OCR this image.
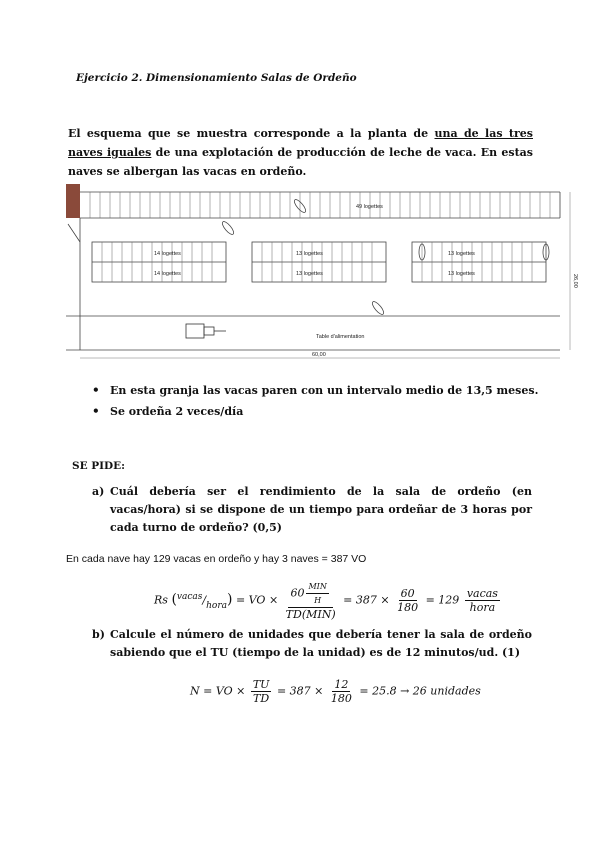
Ejercicio 2. Dimensionamiento Salas de Ordeño
El esquema que se muestra corresponde a la planta de una de las tres naves iguales de una explotación de producción de leche de vaca. En estas naves se albergan las vacas en ordeño.
49 logettes
14 logettes
14 logettes
13 logettes
13 logettes
13 logettes
13 logettes
Table d'alimentation
60,00
26,00
• En esta granja las vacas paren con un intervalo medio de 13,5 meses.
• Se ordeña 2 veces/día
SE PIDE:
a) Cuál debería ser el rendimiento de la sala de ordeño (en vacas/hora) si se dispone de un tiempo para ordeñar de 3 horas por cada turno de ordeño? (0,5)
En cada nave hay 129 vacas en ordeño y hay 3 naves = 387 VO
Rs $(^{vacas}/_{hora})$ = VO × $\frac{60 \frac{\text{MIN}}{H}}{\text{TD(MIN)}} = 387 \times \frac{60}{180} = 129 \frac{\text{vacas}}{\text{hora}}$
b) Calcule el número de unidades que debería tener la sala de ordeño sabiendo que el TU (tiempo de la unidad) es de 12 minutos/ud. (1)
N = VO × $\frac{TU}{TD} = 387 \times \frac{12}{180} = 25.8 \to 26$ unidades
